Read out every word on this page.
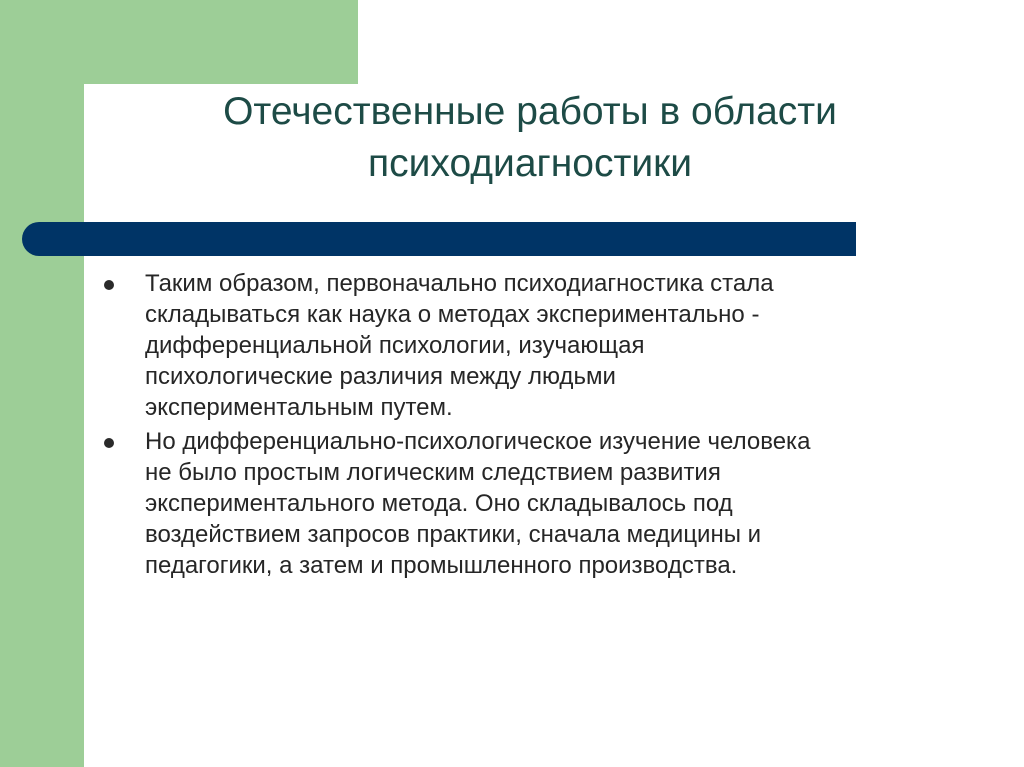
Отечественные работы в области
психодиагностики
Таким образом, первоначально психодиагностика стала
складываться как наука о методах экспериментально -
дифференциальной психологии, изучающая
психологические различия между людьми
экспериментальным путем.
Но дифференциально-психологическое изучение человека
не было простым логическим следствием развития
экспериментального метода. Оно складывалось под
воздействием запросов практики, сначала медицины и
педагогики, а затем и промышленного производства.
